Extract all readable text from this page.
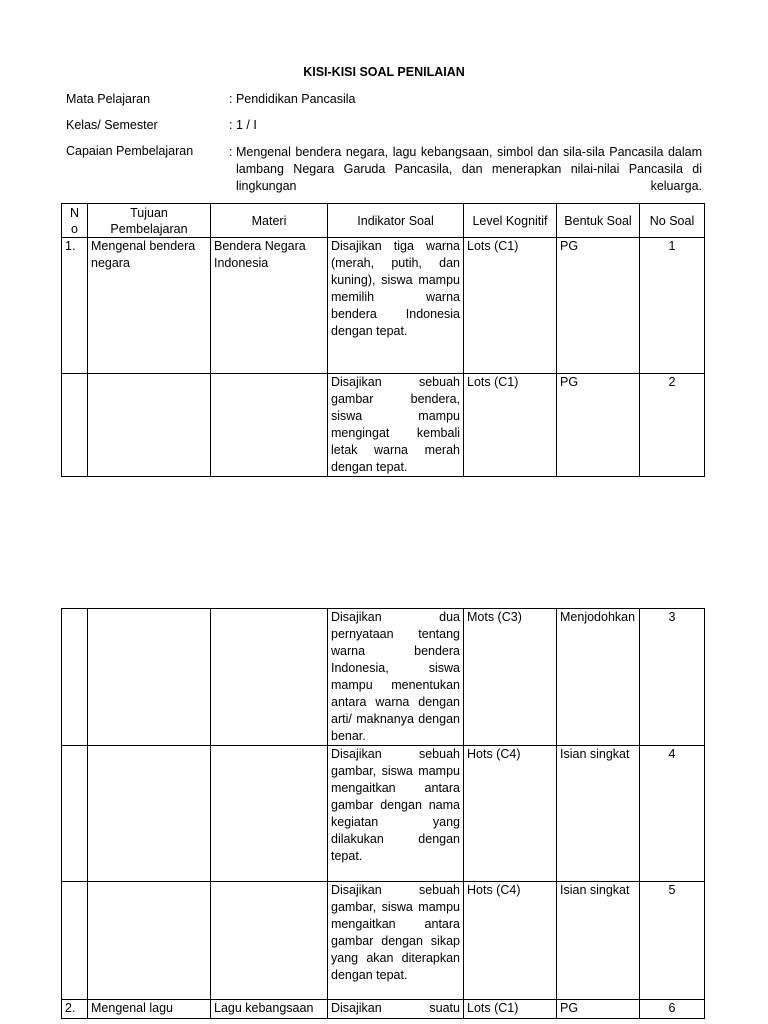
KISI-KISI SOAL PENILAIAN
Mata Pelajaran	: Pendidikan Pancasila
Kelas/ Semester	: 1 / I
Capaian Pembelajaran	: Mengenal bendera negara, lagu kebangsaan, simbol dan sila-sila Pancasila dalam lambang Negara Garuda Pancasila, dan menerapkan nilai-nilai Pancasila di lingkungan keluarga.
N o	Tujuan Pembelajaran	Materi	Indikator Soal	Level Kognitif	Bentuk Soal	No Soal
1.	Mengenal bendera negara	Bendera Negara Indonesia	Disajikan tiga warna (merah, putih, dan kuning), siswa mampu memilih warna bendera Indonesia dengan tepat.	Lots (C1)	PG	1
			Disajikan sebuah gambar bendera, siswa mampu mengingat kembali letak warna merah dengan tepat.	Lots (C1)	PG	2
			Disajikan dua pernyataan tentang warna bendera Indonesia, siswa mampu menentukan antara warna dengan arti/ maknanya dengan benar.	Mots (C3)	Menjodohkan	3
			Disajikan sebuah gambar, siswa mampu mengaitkan antara gambar dengan nama kegiatan yang dilakukan dengan tepat.	Hots (C4)	Isian singkat	4
			Disajikan sebuah gambar, siswa mampu mengaitkan antara gambar dengan sikap yang akan diterapkan dengan tepat.	Hots (C4)	Isian singkat	5
2.	Mengenal lagu	Lagu kebangsaan	Disajikan suatu	Lots (C1)	PG	6
